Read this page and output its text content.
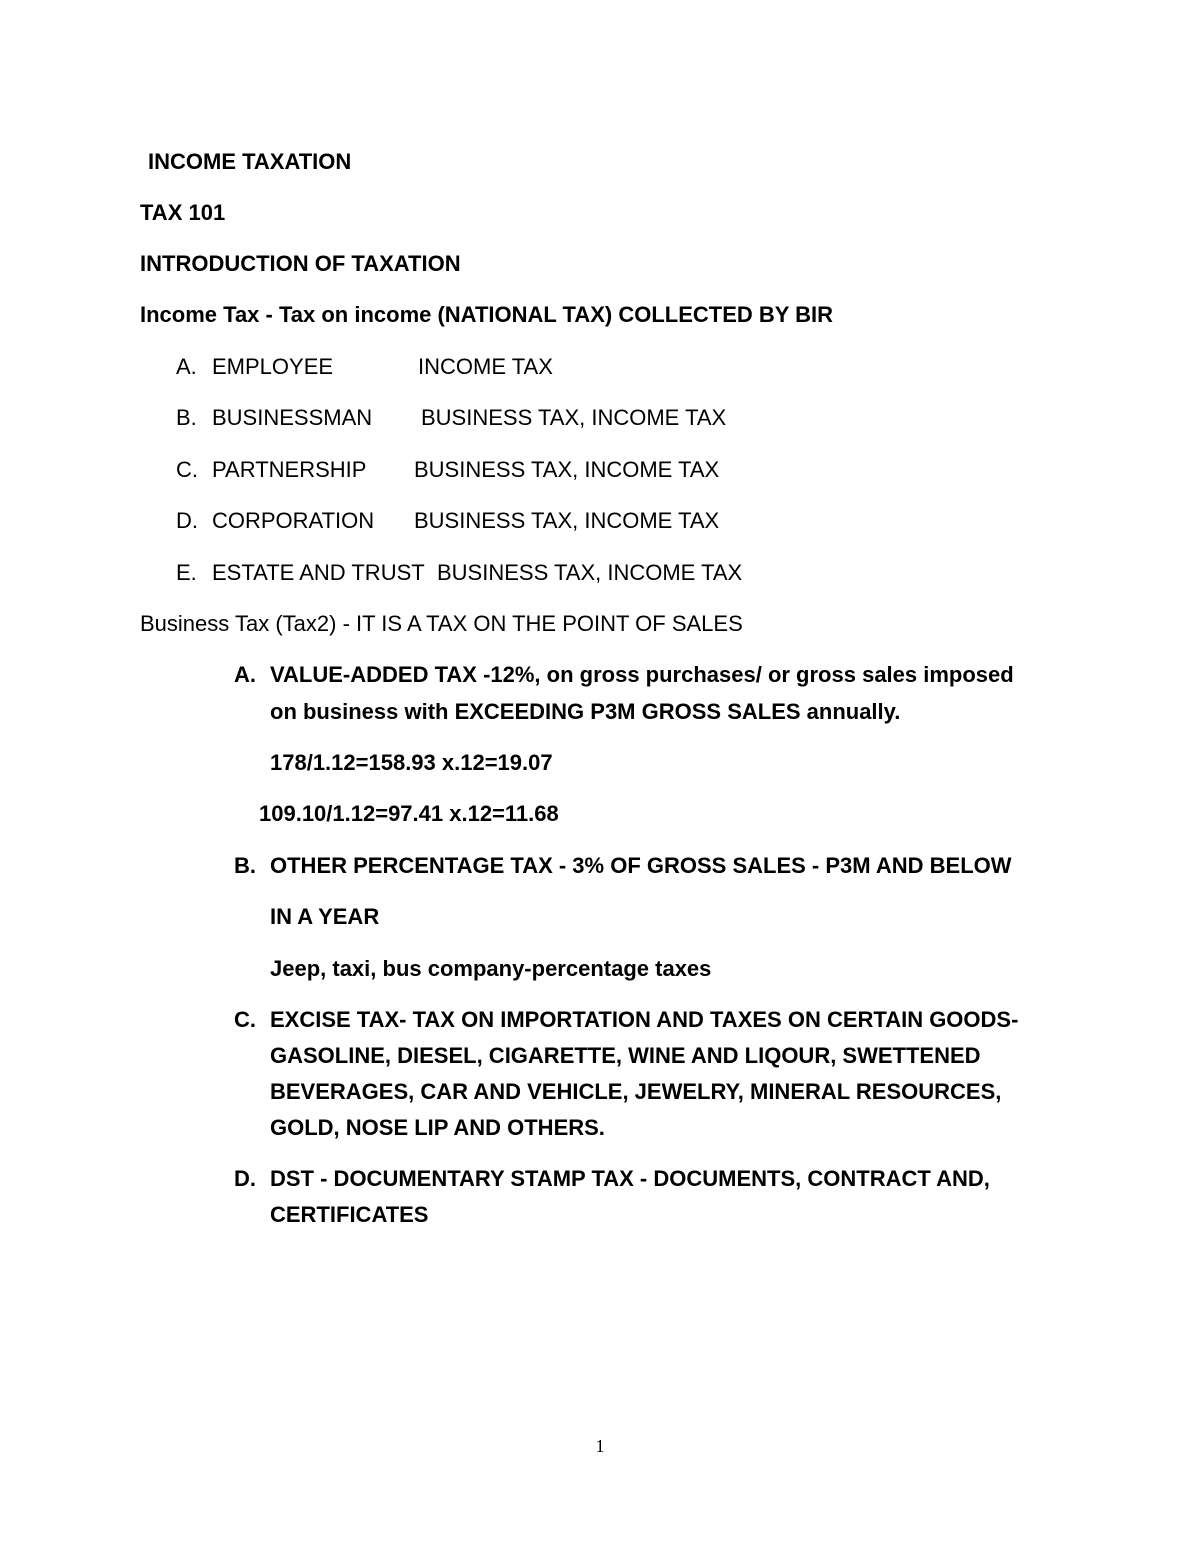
INCOME TAXATION
TAX 101
INTRODUCTION OF TAXATION
Income Tax - Tax on income (NATIONAL TAX) COLLECTED BY BIR
A. EMPLOYEE	INCOME TAX
B. BUSINESSMAN BUSINESS TAX, INCOME TAX
C. PARTNERSHIP BUSINESS TAX, INCOME TAX
D. CORPORATION BUSINESS TAX, INCOME TAX
E. ESTATE AND TRUST BUSINESS TAX, INCOME TAX
Business Tax (Tax2) - IT IS A TAX ON THE POINT OF SALES
A. VALUE-ADDED TAX -12%, on gross purchases/ or gross sales imposed
on business with EXCEEDING P3M GROSS SALES annually.
178/1.12=158.93 x.12=19.07
109.10/1.12=97.41 x.12=11.68
B. OTHER PERCENTAGE TAX - 3% OF GROSS SALES - P3M AND BELOW
IN A YEAR
Jeep, taxi, bus company-percentage taxes
C. EXCISE TAX- TAX ON IMPORTATION AND TAXES ON CERTAIN GOODS-
GASOLINE, DIESEL, CIGARETTE, WINE AND LIQOUR, SWETTENED
BEVERAGES, CAR AND VEHICLE, JEWELRY, MINERAL RESOURCES,
GOLD, NOSE LIP AND OTHERS.
D. DST - DOCUMENTARY STAMP TAX - DOCUMENTS, CONTRACT AND,
CERTIFICATES
1
